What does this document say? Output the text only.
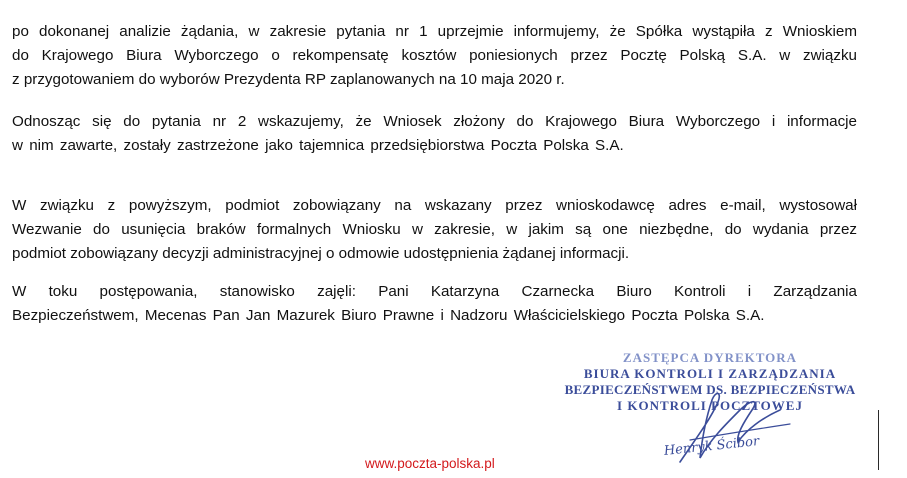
po dokonanej analizie żądania, w zakresie pytania nr 1 uprzejmie informujemy, że Spółka wystąpiła z Wnioskiem
do Krajowego Biura Wyborczego o rekompensatę kosztów poniesionych przez Pocztę Polską S.A. w związku
z przygotowaniem do wyborów Prezydenta RP zaplanowanych na 10 maja 2020 r.
Odnosząc się do pytania nr 2 wskazujemy, że Wniosek złożony do Krajowego Biura Wyborczego i informacje
w nim zawarte, zostały zastrzeżone jako tajemnica przedsiębiorstwa Poczta Polska S.A.
W związku z powyższym, podmiot zobowiązany na wskazany przez wnioskodawcę adres e-mail, wystosował
Wezwanie do usunięcia braków formalnych Wniosku w zakresie, w jakim są one niezbędne, do wydania przez
podmiot zobowiązany decyzji administracyjnej o odmowie udostępnienia żądanej informacji.
W toku postępowania, stanowisko zajęli: Pani Katarzyna Czarnecka Biuro Kontroli i Zarządzania
Bezpieczeństwem, Mecenas Pan Jan Mazurek Biuro Prawne i Nadzoru Właścicielskiego Poczta Polska S.A.
ZASTĘPCA DYREKTORA
BIURA KONTROLI I ZARZĄDZANIA
BEZPIECZEŃSTWEM DS. BEZPIECZEŃSTWA
I KONTROLI POCZTOWEJ
Henryk Ścibor
www.poczta-polska.pl
